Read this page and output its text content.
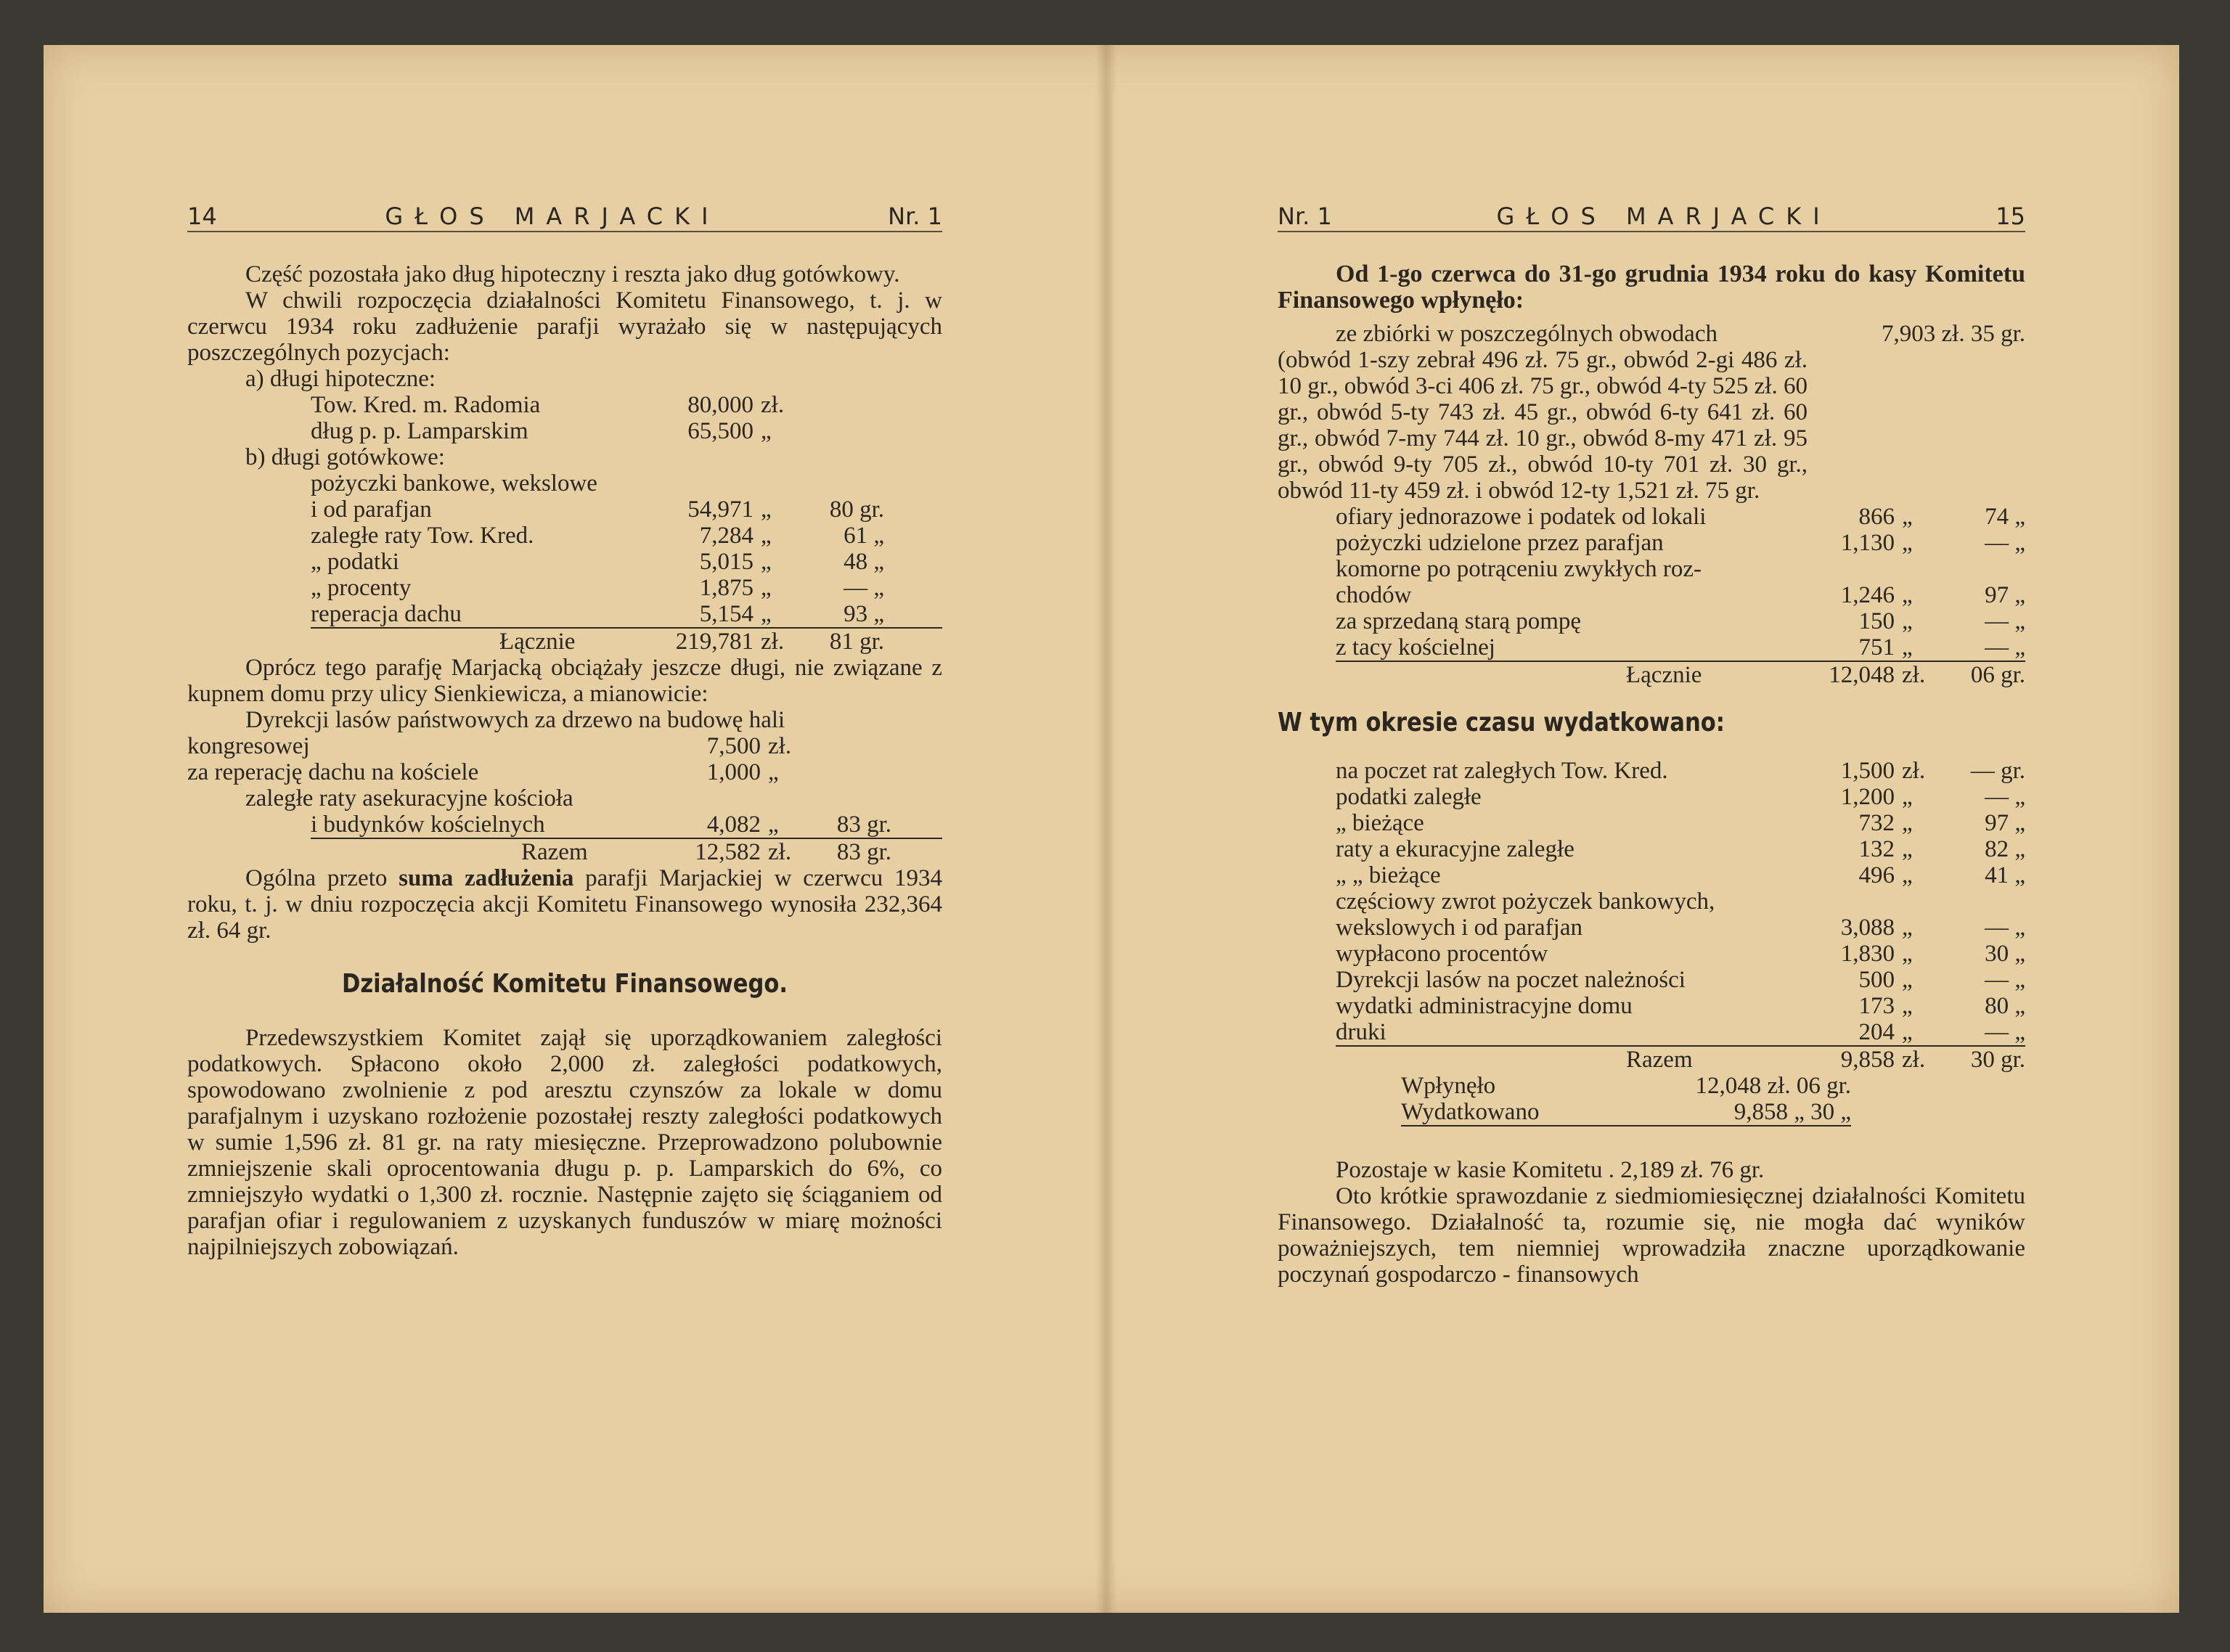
14	GŁOS MARJACKI	Nr. 1

Część pozostała jako dług hipoteczny i reszta jako dług gotówkowy.

W chwili rozpoczęcia działalności Komitetu Finansowego, t. j. w czerwcu 1934 roku zadłużenie parafji wyrażało się w następujących poszczególnych pozycjach:

a) długi hipoteczne:
Tow. Kred. m. Radomia	80,000 zł.
dług p. p. Lamparskim	65,500 „
b) długi gotówkowe:
pożyczki bankowe, wekslowe
i od parafjan	54,971 „	80 gr.
zaległe raty Tow. Kred.	7,284 „	61 „
„ podatki	5,015 „	48 „
„ procenty	1,875 „	— „
reperacja dachu	5,154 „	93 „
Łącznie	219,781 zł.	81 gr.

Oprócz tego parafję Marjacką obciążały jeszcze długi, nie związane z kupnem domu przy ulicy Sienkiewicza, a mianowicie:

Dyrekcji lasów państwowych za drzewo na budowę hali

kongresowej	7,500 zł.
za reperację dachu na kościele	1,000 „
zaległe raty asekuracyjne kościoła
i budynków kościelnych	4,082 „	83 gr.
Razem	12,582 zł.	83 gr.

Ogólna przeto suma zadłużenia parafji Marjackiej w czerwcu 1934 roku, t. j. w dniu rozpoczęcia akcji Komitetu Finansowego wynosiła 232,364 zł. 64 gr.

Działalność Komitetu Finansowego.

Przedewszystkiem Komitet zajął się uporządkowaniem zaległości podatkowych. Spłacono około 2,000 zł. zaległości podatkowych, spowodowano zwolnienie z pod aresztu czynszów za lokale w domu parafjalnym i uzyskano rozłożenie pozostałej reszty zaległości podatkowych w sumie 1,596 zł. 81 gr. na raty miesięczne. Przeprowadzono polubownie zmniejszenie skali oprocentowania długu p. p. Lamparskich do 6%, co zmniejszyło wydatki o 1,300 zł. rocznie. Następnie zajęto się ściąganiem od parafjan ofiar i regulowaniem z uzyskanych funduszów w miarę możności najpilniejszych zobowiązań.

Nr. 1	GŁOS MARJACKI	15

Od 1-go czerwca do 31-go grudnia 1934 roku do kasy Komitetu Finansowego wpłynęło:

ze zbiórki w poszczególnych obwodach	7,903 zł. 35 gr.

(obwód 1-szy zebrał 496 zł. 75 gr., obwód 2-gi 486 zł. 10 gr., obwód 3-ci 406 zł. 75 gr., obwód 4-ty 525 zł. 60 gr., obwód 5-ty 743 zł. 45 gr., obwód 6-ty 641 zł. 60 gr., obwód 7-my 744 zł. 10 gr., obwód 8-my 471 zł. 95 gr., obwód 9-ty 705 zł., obwód 10-ty 701 zł. 30 gr., obwód 11-ty 459 zł. i obwód 12-ty 1,521 zł. 75 gr.

ofiary jednorazowe i podatek od lokali	866 „	74 „
pożyczki udzielone przez parafjan	1,130 „	— „
komorne po potrąceniu zwykłych roz-
chodów	1,246 „	97 „
za sprzedaną starą pompę	150 „	— „
z tacy kościelnej	751 „	— „
Łącznie	12,048 zł.	06 gr.
W tym okresie czasu wydatkowano:
na poczet rat zaległych Tow. Kred.	1,500 zł.	— gr.
podatki zaległe	1,200 „	— „
„ bieżące	732 „	97 „
raty a ekuracyjne zaległe	132 „	82 „
„ „ bieżące	496 „	41 „
częściowy zwrot pożyczek bankowych,
wekslowych i od parafjan	3,088 „	— „
wypłacono procentów	1,830 „	30 „
Dyrekcji lasów na poczet należności	500 „	— „
wydatki administracyjne domu	173 „	80 „
druki	204 „	— „
Razem	9,858 zł.	30 gr.
Wpłynęło	12,048 zł. 06 gr.
Wydatkowano	9,858 „ 30 „

Pozostaje w kasie Komitetu . 2,189 zł. 76 gr.

Oto krótkie sprawozdanie z siedmiomiesięcznej działalności Komitetu Finansowego. Działalność ta, rozumie się, nie mogła dać wyników poważniejszych, tem niemniej wprowadziła znaczne uporządkowanie poczynań gospodarczo - finansowych
